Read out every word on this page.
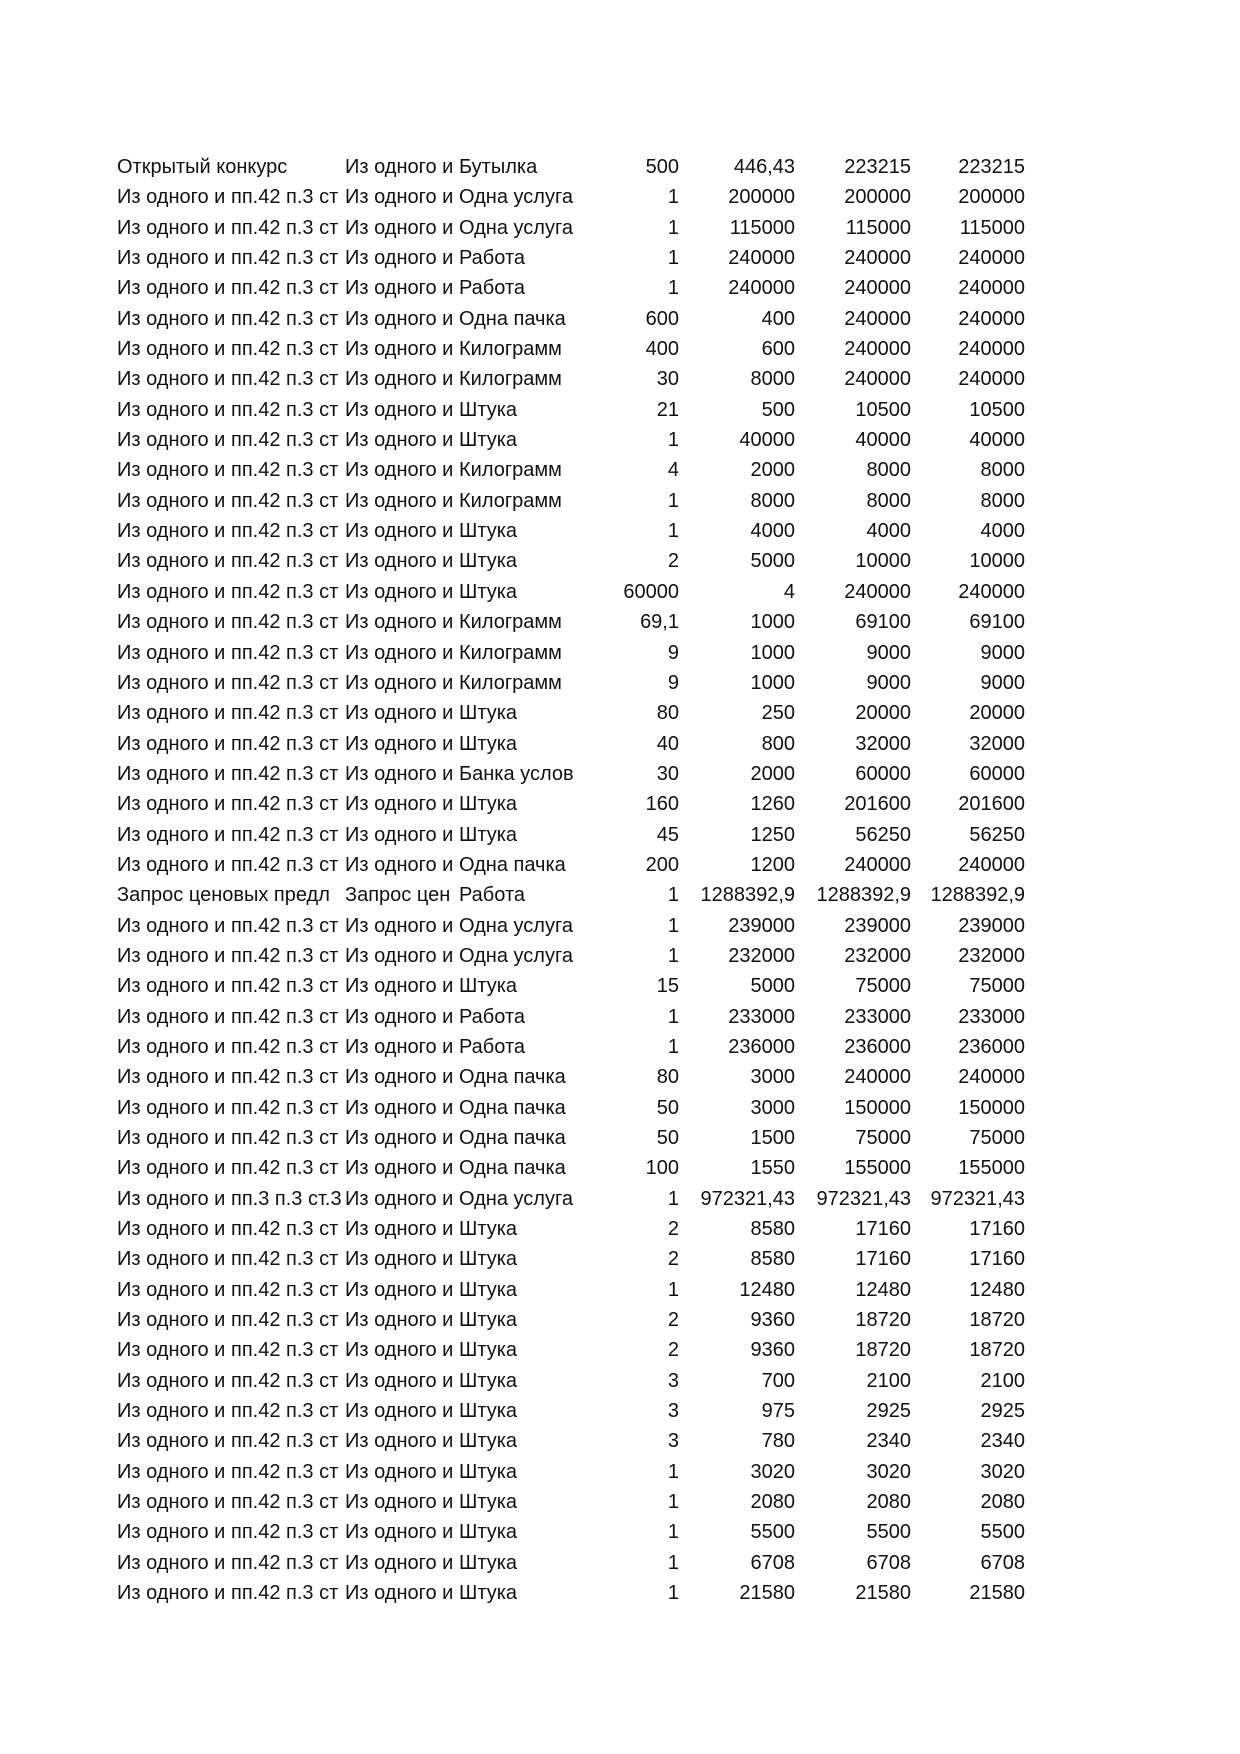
Открытый конкурс	Из одного и Бутылка	500	446,43	223215	223215
Из одного и пп.42 п.3 ст Из одного и Одна услуга	1	200000	200000	200000
Из одного и пп.42 п.3 ст Из одного и Одна услуга	1	115000	115000	115000
Из одного и пп.42 п.3 ст Из одного и Работа	1	240000	240000	240000
Из одного и пп.42 п.3 ст Из одного и Работа	1	240000	240000	240000
Из одного и пп.42 п.3 ст Из одного и Одна пачка	600	400	240000	240000
Из одного и пп.42 п.3 ст Из одного и Килограмм	400	600	240000	240000
Из одного и пп.42 п.3 ст Из одного и Килограмм	30	8000	240000	240000
Из одного и пп.42 п.3 ст Из одного и Штука	21	500	10500	10500
Из одного и пп.42 п.3 ст Из одного и Штука	1	40000	40000	40000
Из одного и пп.42 п.3 ст Из одного и Килограмм	4	2000	8000	8000
Из одного и пп.42 п.3 ст Из одного и Килограмм	1	8000	8000	8000
Из одного и пп.42 п.3 ст Из одного и Штука	1	4000	4000	4000
Из одного и пп.42 п.3 ст Из одного и Штука	2	5000	10000	10000
Из одного и пп.42 п.3 ст Из одного и Штука	60000	4	240000	240000
Из одного и пп.42 п.3 ст Из одного и Килограмм	69,1	1000	69100	69100
Из одного и пп.42 п.3 ст Из одного и Килограмм	9	1000	9000	9000
Из одного и пп.42 п.3 ст Из одного и Килограмм	9	1000	9000	9000
Из одного и пп.42 п.3 ст Из одного и Штука	80	250	20000	20000
Из одного и пп.42 п.3 ст Из одного и Штука	40	800	32000	32000
Из одного и пп.42 п.3 ст Из одного и Банка услов	30	2000	60000	60000
Из одного и пп.42 п.3 ст Из одного и Штука	160	1260	201600	201600
Из одного и пп.42 п.3 ст Из одного и Штука	45	1250	56250	56250
Из одного и пп.42 п.3 ст Из одного и Одна пачка	200	1200	240000	240000
Запрос ценовых предл Запрос цен Работа	1	1288392,9	1288392,9 1288392,9
Из одного и пп.42 п.3 ст Из одного и Одна услуга	1	239000	239000	239000
Из одного и пп.42 п.3 ст Из одного и Одна услуга	1	232000	232000	232000
Из одного и пп.42 п.3 ст Из одного и Штука	15	5000	75000	75000
Из одного и пп.42 п.3 ст Из одного и Работа	1	233000	233000	233000
Из одного и пп.42 п.3 ст Из одного и Работа	1	236000	236000	236000
Из одного и пп.42 п.3 ст Из одного и Одна пачка	80	3000	240000	240000
Из одного и пп.42 п.3 ст Из одного и Одна пачка	50	3000	150000	150000
Из одного и пп.42 п.3 ст Из одного и Одна пачка	50	1500	75000	75000
Из одного и пп.42 п.3 ст Из одного и Одна пачка	100	1550	155000	155000
Из одного и пп.3 п.3 ст.3 Из одного и Одна услуга	1	972321,43	972321,43 972321,43
Из одного и пп.42 п.3 ст Из одного и Штука	2	8580	17160	17160
Из одного и пп.42 п.3 ст Из одного и Штука	2	8580	17160	17160
Из одного и пп.42 п.3 ст Из одного и Штука	1	12480	12480	12480
Из одного и пп.42 п.3 ст Из одного и Штука	2	9360	18720	18720
Из одного и пп.42 п.3 ст Из одного и Штука	2	9360	18720	18720
Из одного и пп.42 п.3 ст Из одного и Штука	3	700	2100	2100
Из одного и пп.42 п.3 ст Из одного и Штука	3	975	2925	2925
Из одного и пп.42 п.3 ст Из одного и Штука	3	780	2340	2340
Из одного и пп.42 п.3 ст Из одного и Штука	1	3020	3020	3020
Из одного и пп.42 п.3 ст Из одного и Штука	1	2080	2080	2080
Из одного и пп.42 п.3 ст Из одного и Штука	1	5500	5500	5500
Из одного и пп.42 п.3 ст Из одного и Штука	1	6708	6708	6708
Из одного и пп.42 п.3 ст Из одного и Штука	1	21580	21580	21580
